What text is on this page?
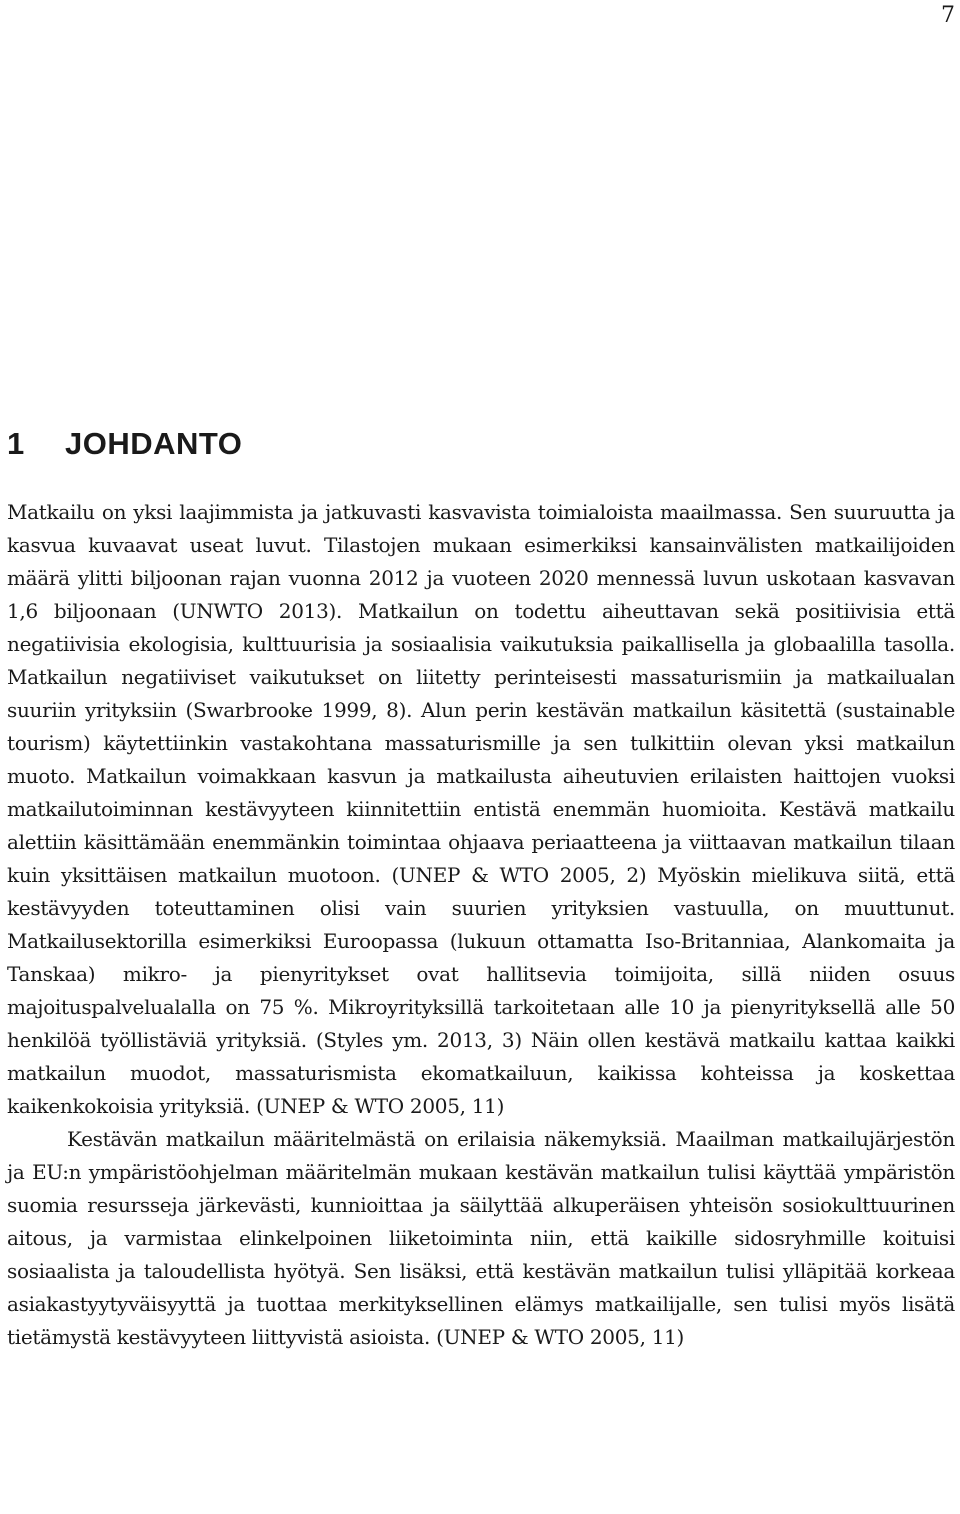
7
1 JOHDANTO

Matkailu on yksi laajimmista ja jatkuvasti kasvavista toimialoista maailmassa. Sen suuruutta ja kasvua kuvaavat useat luvut. Tilastojen mukaan esimerkiksi kansainvälisten matkailijoiden määrä ylitti biljoonan rajan vuonna 2012 ja vuoteen 2020 mennessä luvun uskotaan kasvavan 1,6 biljoonaan (UNWTO 2013). Matkailun on todettu aiheuttavan sekä positiivisia että negatiivisia ekologisia, kulttuurisia ja sosiaalisia vaikutuksia paikallisella ja globaalilla tasolla. Matkailun negatiiviset vaikutukset on liitetty perinteisesti massaturismiin ja matkailualan suuriin yrityksiin (Swarbrooke 1999, 8). Alun perin kestävän matkailun käsitettä (sustainable tourism) käytettiinkin vastakohtana massaturismille ja sen tulkittiin olevan yksi matkailun muoto. Matkailun voimakkaan kasvun ja matkailusta aiheutuvien erilaisten haittojen vuoksi matkailutoiminnan kestävyyteen kiinnitettiin entistä enemmän huomioita. Kestävä matkailu alettiin käsittämään enemmänkin toimintaa ohjaava periaatteena ja viittaavan matkailun tilaan kuin yksittäisen matkailun muotoon. (UNEP & WTO 2005, 2) Myöskin mielikuva siitä, että kestävyyden toteuttaminen olisi vain suurien yrityksien vastuulla, on muuttunut. Matkailusektorilla esimerkiksi Euroopassa (lukuun ottamatta Iso-Britanniaa, Alankomaita ja Tanskaa) mikro- ja pienyritykset ovat hallitsevia toimijoita, sillä niiden osuus majoituspalvelualalla on 75 %. Mikroyrityksillä tarkoitetaan alle 10 ja pienyrityksellä alle 50 henkilöä työllistäviä yrityksiä. (Styles ym. 2013, 3) Näin ollen kestävä matkailu kattaa kaikki matkailun muodot, massaturismista ekomatkailuun, kaikissa kohteissa ja koskettaa kaikenkokoisia yrityksiä. (UNEP & WTO 2005, 11)

Kestävän matkailun määritelmästä on erilaisia näkemyksiä. Maailman matkailujärjestön ja EU:n ympäristöohjelman määritelmän mukaan kestävän matkailun tulisi käyttää ympäristön suomia resursseja järkevästi, kunnioittaa ja säilyttää alkuperäisen yhteisön sosiokulttuurinen aitous, ja varmistaa elinkelpoinen liiketoiminta niin, että kaikille sidosryhmille koituisi sosiaalista ja taloudellista hyötyä. Sen lisäksi, että kestävän matkailun tulisi ylläpitää korkeaa asiakastyytyväisyyttä ja tuottaa merkityksellinen elämys matkailijalle, sen tulisi myös lisätä tietämystä kestävyyteen liittyvistä asioista. (UNEP & WTO 2005, 11)
